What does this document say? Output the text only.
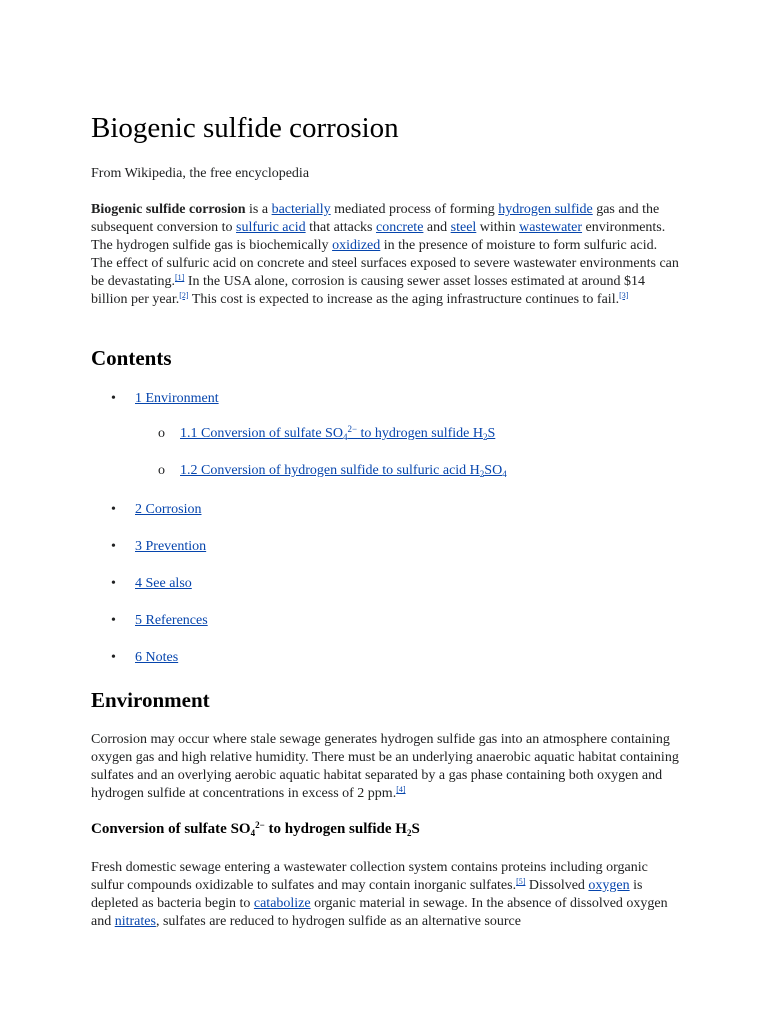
Biogenic sulfide corrosion
From Wikipedia, the free encyclopedia

Biogenic sulfide corrosion is a bacterially mediated process of forming hydrogen sulfide gas and the subsequent conversion to sulfuric acid that attacks concrete and steel within wastewater environments. The hydrogen sulfide gas is biochemically oxidized in the presence of moisture to form sulfuric acid. The effect of sulfuric acid on concrete and steel surfaces exposed to severe wastewater environments can be devastating.[1] In the USA alone, corrosion is causing sewer asset losses estimated at around $14 billion per year.[2] This cost is expected to increase as the aging infrastructure continues to fail.[3]

Contents
• 1 Environment
o 1.1 Conversion of sulfate $SO_4^{2-}$ to hydrogen sulfide $H_2S$
o 1.2 Conversion of hydrogen sulfide to sulfuric acid $H_2SO_4$
• 2 Corrosion
• 3 Prevention
• 4 See also
• 5 References
• 6 Notes
Environment

Corrosion may occur where stale sewage generates hydrogen sulfide gas into an atmosphere containing oxygen gas and high relative humidity. There must be an underlying anaerobic aquatic habitat containing sulfates and an overlying aerobic aquatic habitat separated by a gas phase containing both oxygen and hydrogen sulfide at concentrations in excess of 2 ppm.[4]

Conversion of sulfate $SO_4^{2-}$ to hydrogen sulfide $H_2S$

Fresh domestic sewage entering a wastewater collection system contains proteins including organic sulfur compounds oxidizable to sulfates and may contain inorganic sulfates.[5] Dissolved oxygen is depleted as bacteria begin to catabolize organic material in sewage. In the absence of dissolved oxygen and nitrates, sulfates are reduced to hydrogen sulfide as an alternative source
